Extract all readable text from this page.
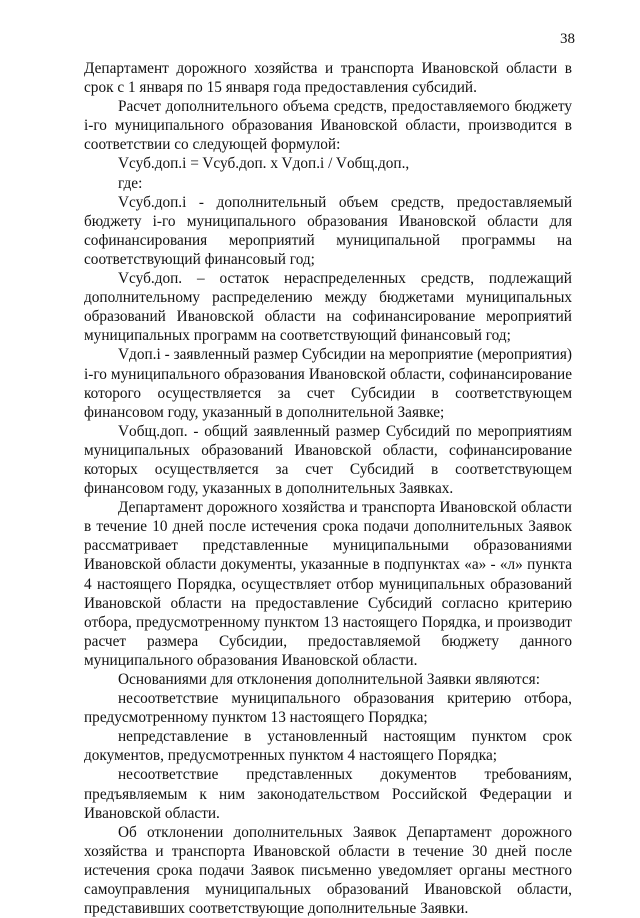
38

Департамент дорожного хозяйства и транспорта Ивановской области в срок с 1 января по 15 января года предоставления субсидий.

Расчет дополнительного объема средств, предоставляемого бюджету i-го муниципального образования Ивановской области, производится в соответствии со следующей формулой:

Vсуб.доп.i = Vсуб.доп. x Vдоп.i / Vобщ.доп.,

где:

Vсуб.доп.i - дополнительный объем средств, предоставляемый бюджету i-го муниципального образования Ивановской области для софинансирования мероприятий муниципальной программы на соответствующий финансовый год;

Vсуб.доп. – остаток нераспределенных средств, подлежащий дополнительному распределению между бюджетами муниципальных образований Ивановской области на софинансирование мероприятий муниципальных программ на соответствующий финансовый год;

Vдоп.i - заявленный размер Субсидии на мероприятие (мероприятия) i-го муниципального образования Ивановской области, софинансирование которого осуществляется за счет Субсидии в соответствующем финансовом году, указанный в дополнительной Заявке;

Vобщ.доп. - общий заявленный размер Субсидий по мероприятиям муниципальных образований Ивановской области, софинансирование которых осуществляется за счет Субсидий в соответствующем финансовом году, указанных в дополнительных Заявках.

Департамент дорожного хозяйства и транспорта Ивановской области в течение 10 дней после истечения срока подачи дополнительных Заявок рассматривает представленные муниципальными образованиями Ивановской области документы, указанные в подпунктах «а» - «л» пункта 4 настоящего Порядка, осуществляет отбор муниципальных образований Ивановской области на предоставление Субсидий согласно критерию отбора, предусмотренному пунктом 13 настоящего Порядка, и производит расчет размера Субсидии, предоставляемой бюджету данного муниципального образования Ивановской области.

Основаниями для отклонения дополнительной Заявки являются:

несоответствие муниципального образования критерию отбора, предусмотренному пунктом 13 настоящего Порядка;

непредставление в установленный настоящим пунктом срок документов, предусмотренных пунктом 4 настоящего Порядка;

несоответствие представленных документов требованиям, предъявляемым к ним законодательством Российской Федерации и Ивановской области.

Об отклонении дополнительных Заявок Департамент дорожного хозяйства и транспорта Ивановской области в течение 30 дней после истечения срока подачи Заявок письменно уведомляет органы местного самоуправления муниципальных образований Ивановской области, представивших соответствующие дополнительные Заявки.
